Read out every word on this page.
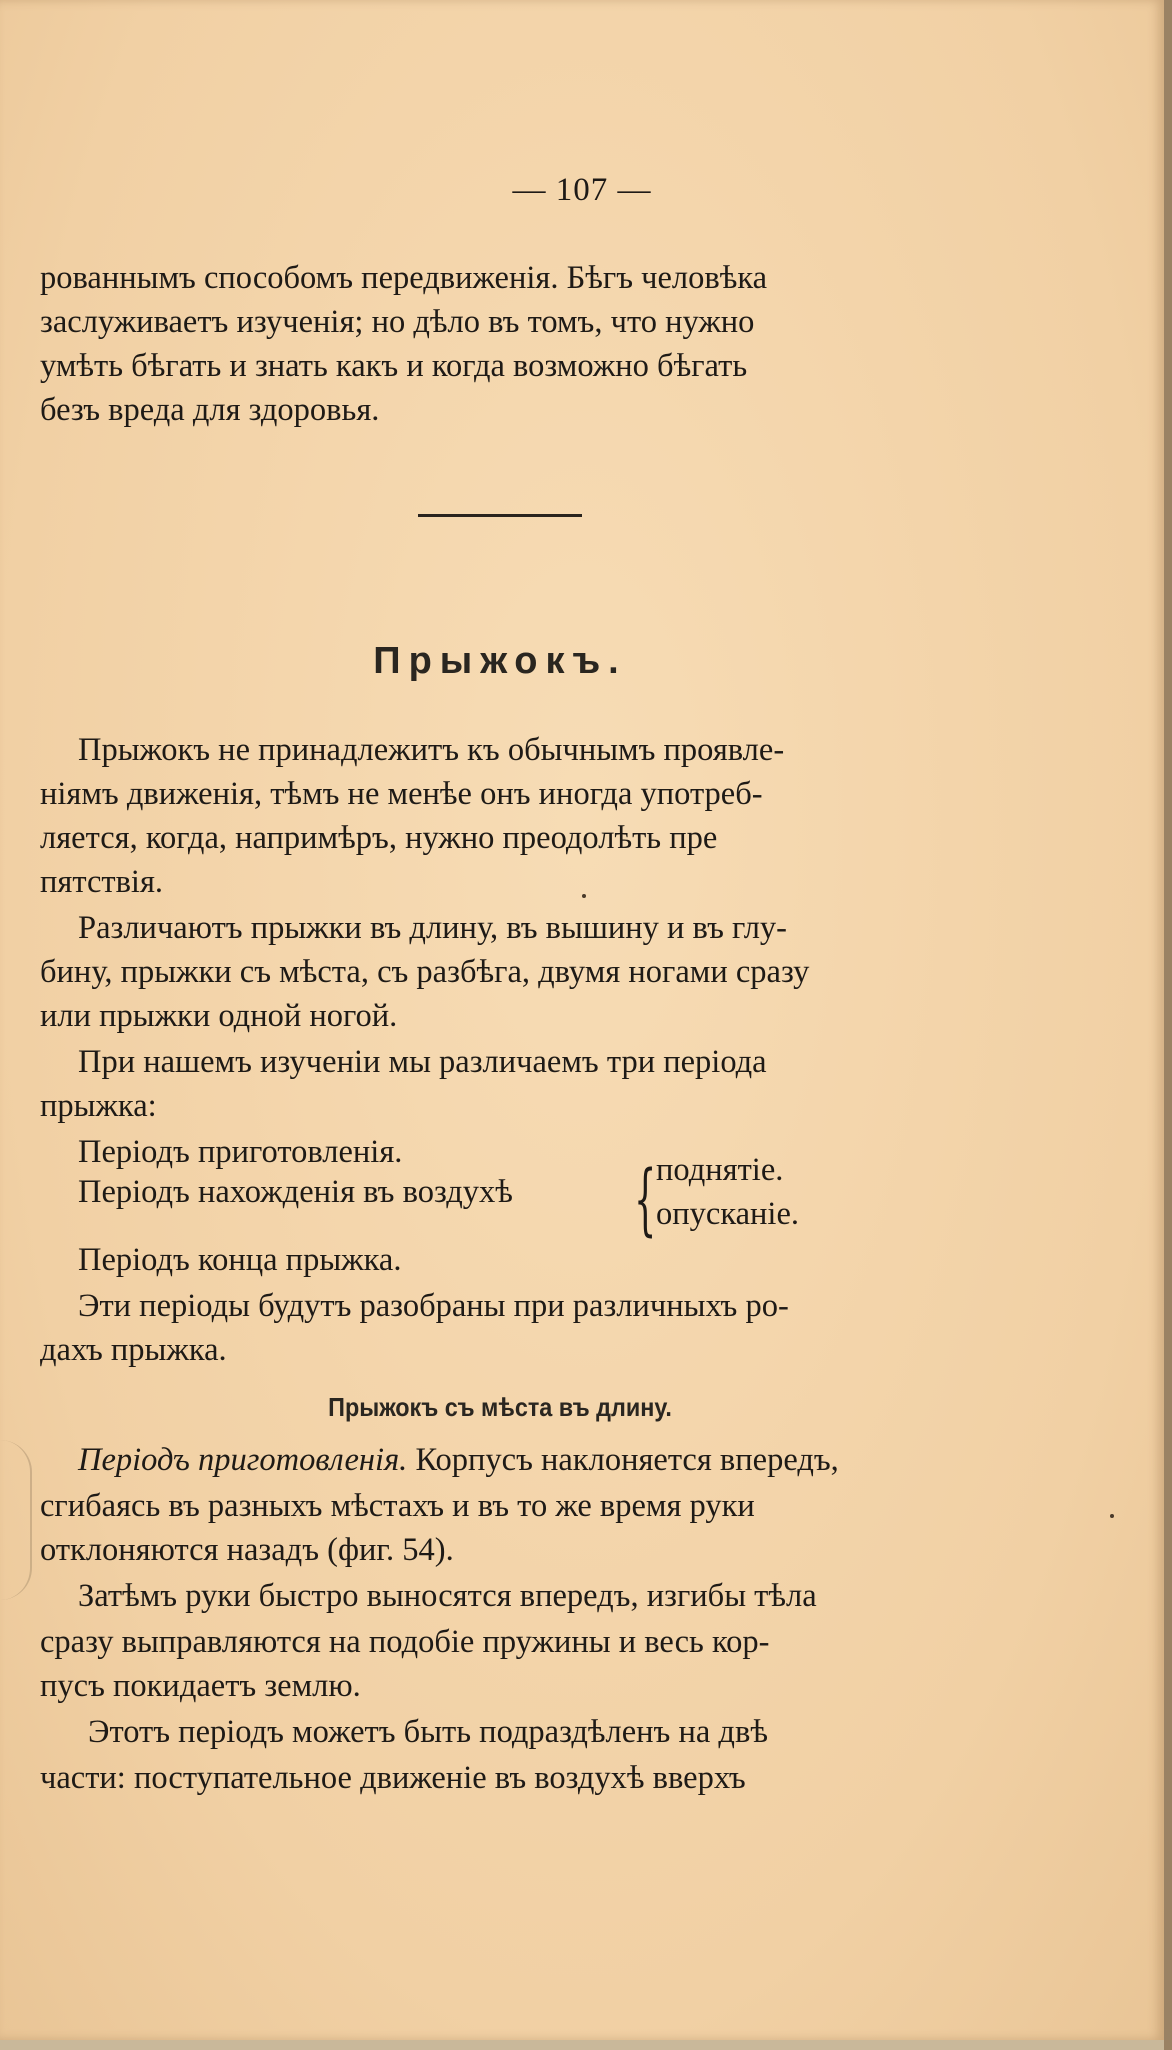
— 107 —
рованнымъ способомъ передвиженія. Бѣгъ человѣка
заслуживаетъ изученія; но дѣло въ томъ, что нужно
умѣть бѣгать и знать какъ и когда возможно бѣгать
безъ вреда для здоровья.
Прыжокъ.
Прыжокъ не принадлежитъ къ обычнымъ проявле-
ніямъ движенія, тѣмъ не менѣе онъ иногда употреб-
ляется, когда, напримѣръ, нужно преодолѣть пре
пятствія.
Различаютъ прыжки въ длину, въ вышину и въ глу-
бину, прыжки съ мѣста, съ разбѣга, двумя ногами сразу
или прыжки одной ногой.
При нашемъ изученіи мы различаемъ три періода
прыжка:
Періодъ приготовленія.
Періодъ нахожденія въ воздухѣ { поднятіе.
опусканіе.
Періодъ конца прыжка.
Эти періоды будутъ разобраны при различныхъ ро-
дахъ прыжка.
Прыжокъ съ мѣста въ длину.
Періодъ приготовленія. Корпусъ наклоняется впередъ,
сгибаясь въ разныхъ мѣстахъ и въ то же время руки
отклоняются назадъ (фиг. 54).
Затѣмъ руки быстро выносятся впередъ, изгибы тѣла
сразу выправляются на подобіе пружины и весь кор-
пусъ покидаетъ землю.
Этотъ періодъ можетъ быть подраздѣленъ на двѣ
части: поступательное движеніе въ воздухѣ вверхъ
